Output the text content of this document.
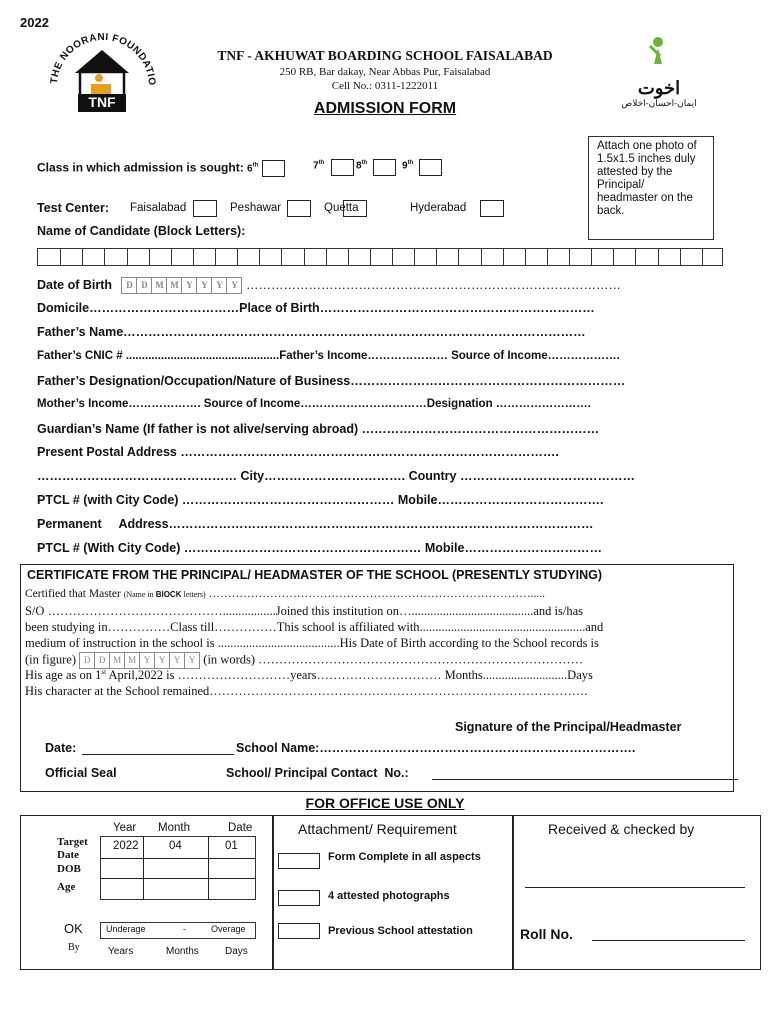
2022
THE NOORANI FOUNDATIO
TNF
TNF - AKHUWAT BOARDING SCHOOL FAISALABAD
250 RB, Bar dakay, Near Abbas Pur, Faisalabad
Cell No.: 0311-1222011
ADMISSION FORM
اخوت
ایمان-احسان-اخلاص
Attach one photo of 1.5x1.5 inches duly attested by the Principal/ headmaster on the back.
Class in which admission is sought: 6th	7th	8th	9th
Test Center: Faisalabad	Peshawar	Quetta	Hyderabad
Name of Candidate (Block Letters):
Date of Birth D D M M Y Y Y Y ………………………………………………………………………………
Domicile………………………………Place of Birth…………………………………………………………
Father’s Name…………………………………………………………………………………………………
Father’s CNIC # ................................................Father’s Income………………… Source of Income……………….
Father’s Designation/Occupation/Nature of Business…………………………………………………………
Mother’s Income………………. Source of Income……………………………Designation …………………….
Guardian’s Name (If father is not alive/serving abroad) …………………………………………………
Present Postal Address ……………………………………………………………………………….
………………………………………… City……………………………. Country ……………………………………
PTCL # (with City Code) …………………………………………… Mobile………………………………….
Permanent     Address…………………………………………………………………………………………
PTCL # (With City Code) ………………………………………………… Mobile……………………………
CERTIFICATE FROM THE PRINCIPAL/ HEADMASTER OF THE SCHOOL (PRESENTLY STUDYING)
Certified that Master (Name in BlOCK letters) ………………………………………………………………………….....
S/O …………………………………….................Joined this institution on….......................................and is/has
been studying in……………Class till……………This school is affiliated with.....................................................and
medium of instruction in the school is .......................................His Date of Birth according to the School records is
(in figure) D D M M Y Y Y Y (in words) ……………………………………………………………………
His age as on 1st April,2022 is ………………………years………………………… Months...........................Days
His character at the School remained……………………………………………………………………………….
Signature of the Principal/Headmaster
Date:	School Name:………………………………………………………………….
Official Seal	School/ Principal Contact  No.:
FOR OFFICE USE ONLY
Year Month	Date
Target Date
2022	04	01
DOB
Age
OK
By
Underage	-	Overage
Years	Months	Days
Attachment/ Requirement
Form Complete in all aspects
4 attested photographs
Previous School attestation
Received & checked by
Roll No.
